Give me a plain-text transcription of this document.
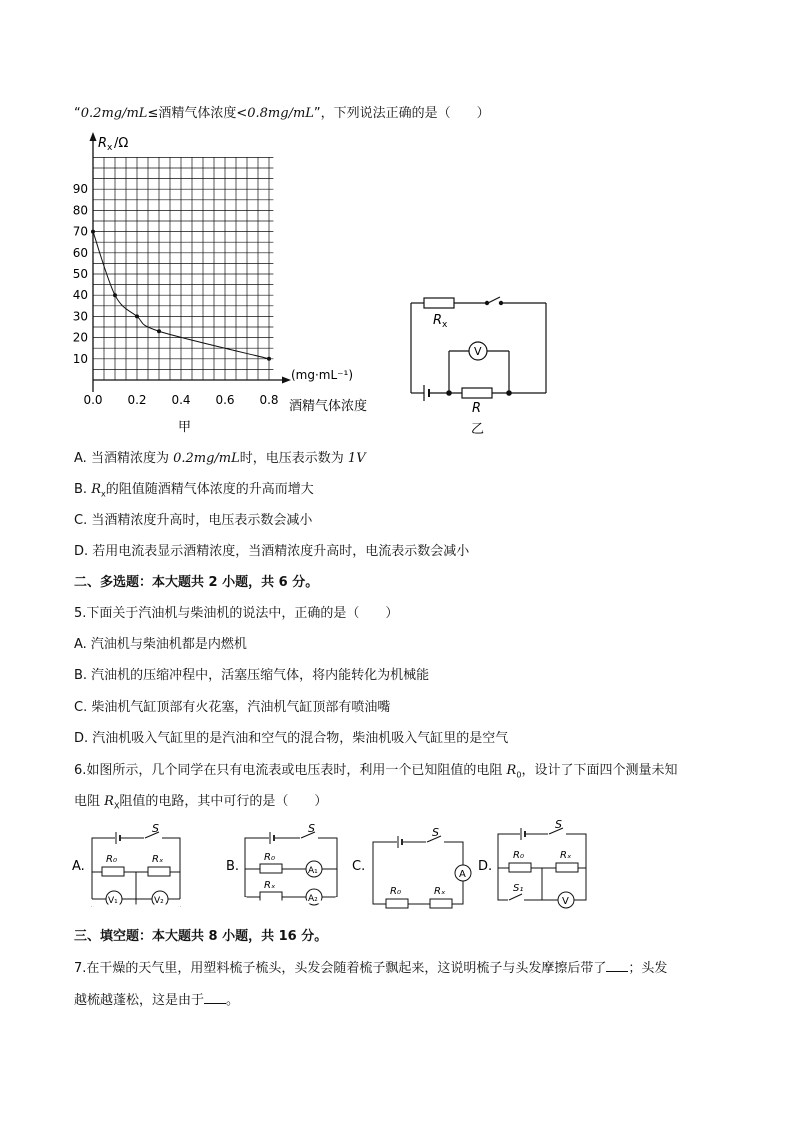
“0.2mg/mL≤酒精气体浓度<0.8mg/mL”，下列说法正确的是（　　）
10
20
30
40
50
60
70
80
90
0.0 0.2 0.4 0.6 0.8
R x /Ω
(mg·mL⁻¹)
酒精气体浓度
甲
V
R x
R
乙
S
R₀	Rₓ
V₁	V₂
S
R₀
A₁
Rₓ
A₂
S
A
R₀	Rₓ
S
R₀	Rₓ
S₁
V
A.	B.	C.	D.
A. 当酒精浓度为 0.2mg/mL时，电压表示数为 1V
B. $R_x$的阻值随酒精气体浓度的升高而增大
C. 当酒精浓度升高时，电压表示数会减小
D. 若用电流表显示酒精浓度，当酒精浓度升高时，电流表示数会减小
二、多选题：本大题共 2 小题，共 6 分。
5.下面关于汽油机与柴油机的说法中，正确的是（　　）
A. 汽油机与柴油机都是内燃机
B. 汽油机的压缩冲程中，活塞压缩气体，将内能转化为机械能
C. 柴油机气缸顶部有火花塞，汽油机气缸顶部有喷油嘴
D. 汽油机吸入气缸里的是汽油和空气的混合物，柴油机吸入气缸里的是空气
6.如图所示，几个同学在只有电流表或电压表时，利用一个已知阻值的电阻 $R_0$，设计了下面四个测量未知
电阻 $R_X$阻值的电路，其中可行的是（　　）
三、填空题：本大题共 8 小题，共 16 分。
7.在干燥的天气里，用塑料梳子梳头，头发会随着梳子飘起来，这说明梳子与头发摩擦后带了 ；头发
越梳越蓬松，这是由于 。
